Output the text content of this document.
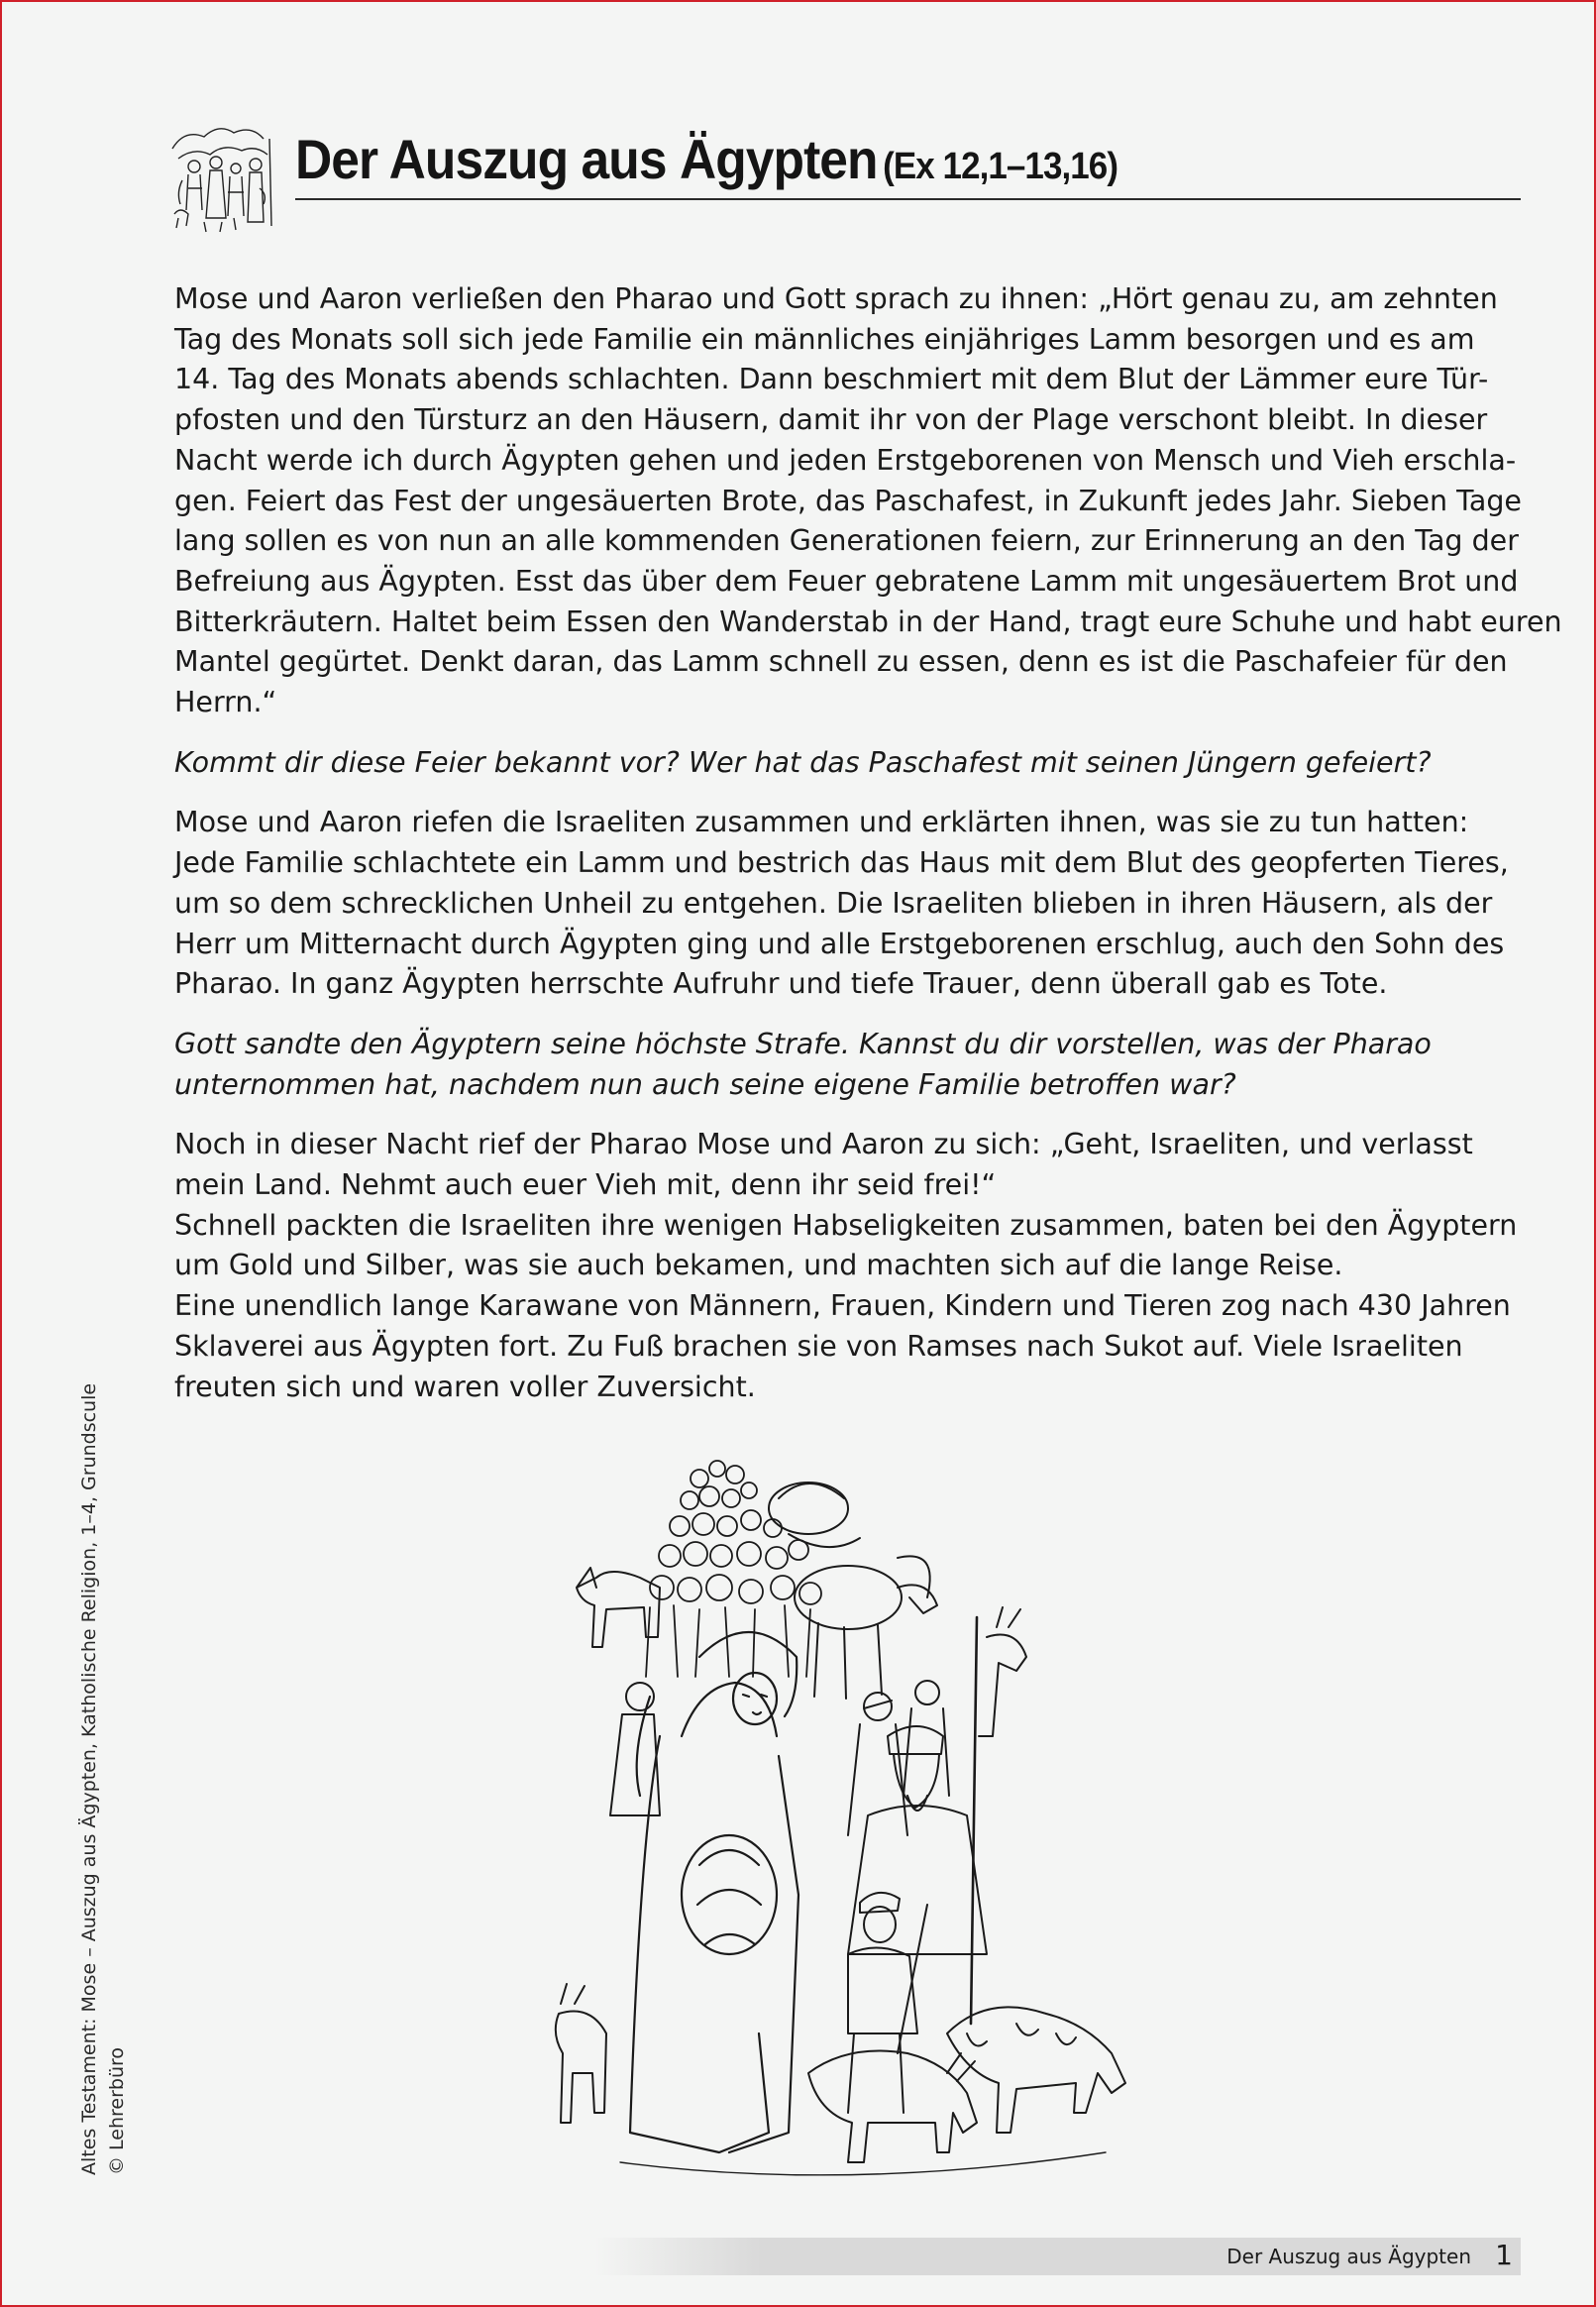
Der Auszug aus Ägypten (Ex 12,1–13,16)

Mose und Aaron verließen den Pharao und Gott sprach zu ihnen: „Hört genau zu, am zehnten
Tag des Monats soll sich jede Familie ein männliches einjähriges Lamm besorgen und es am
14. Tag des Monats abends schlachten. Dann beschmiert mit dem Blut der Lämmer eure Tür-
pfosten und den Türsturz an den Häusern, damit ihr von der Plage verschont bleibt. In dieser
Nacht werde ich durch Ägypten gehen und jeden Erstgeborenen von Mensch und Vieh erschla-
gen. Feiert das Fest der ungesäuerten Brote, das Paschafest, in Zukunft jedes Jahr. Sieben Tage
lang sollen es von nun an alle kommenden Generationen feiern, zur Erinnerung an den Tag der
Befreiung aus Ägypten. Esst das über dem Feuer gebratene Lamm mit ungesäuertem Brot und
Bitterkräutern. Haltet beim Essen den Wanderstab in der Hand, tragt eure Schuhe und habt euren
Mantel gegürtet. Denkt daran, das Lamm schnell zu essen, denn es ist die Paschafeier für den
Herrn.“

Kommt dir diese Feier bekannt vor? Wer hat das Paschafest mit seinen Jüngern gefeiert?

Mose und Aaron riefen die Israeliten zusammen und erklärten ihnen, was sie zu tun hatten:
Jede Familie schlachtete ein Lamm und bestrich das Haus mit dem Blut des geopferten Tieres,
um so dem schrecklichen Unheil zu entgehen. Die Israeliten blieben in ihren Häusern, als der
Herr um Mitternacht durch Ägypten ging und alle Erstgeborenen erschlug, auch den Sohn des
Pharao. In ganz Ägypten herrschte Aufruhr und tiefe Trauer, denn überall gab es Tote.

Gott sandte den Ägyptern seine höchste Strafe. Kannst du dir vorstellen, was der Pharao
unternommen hat, nachdem nun auch seine eigene Familie betroffen war?

Noch in dieser Nacht rief der Pharao Mose und Aaron zu sich: „Geht, Israeliten, und verlasst
mein Land. Nehmt auch euer Vieh mit, denn ihr seid frei!“
Schnell packten die Israeliten ihre wenigen Habseligkeiten zusammen, baten bei den Ägyptern
um Gold und Silber, was sie auch bekamen, und machten sich auf die lange Reise.
Eine unendlich lange Karawane von Männern, Frauen, Kindern und Tieren zog nach 430 Jahren
Sklaverei aus Ägypten fort. Zu Fuß brachen sie von Ramses nach Sukot auf. Viele Israeliten
freuten sich und waren voller Zuversicht.

Altes Testament: Mose – Auszug aus Ägypten, Katholische Religion, 1–4, Grundscule © Lehrerbüro
Der Auszug aus Ägypten 1
